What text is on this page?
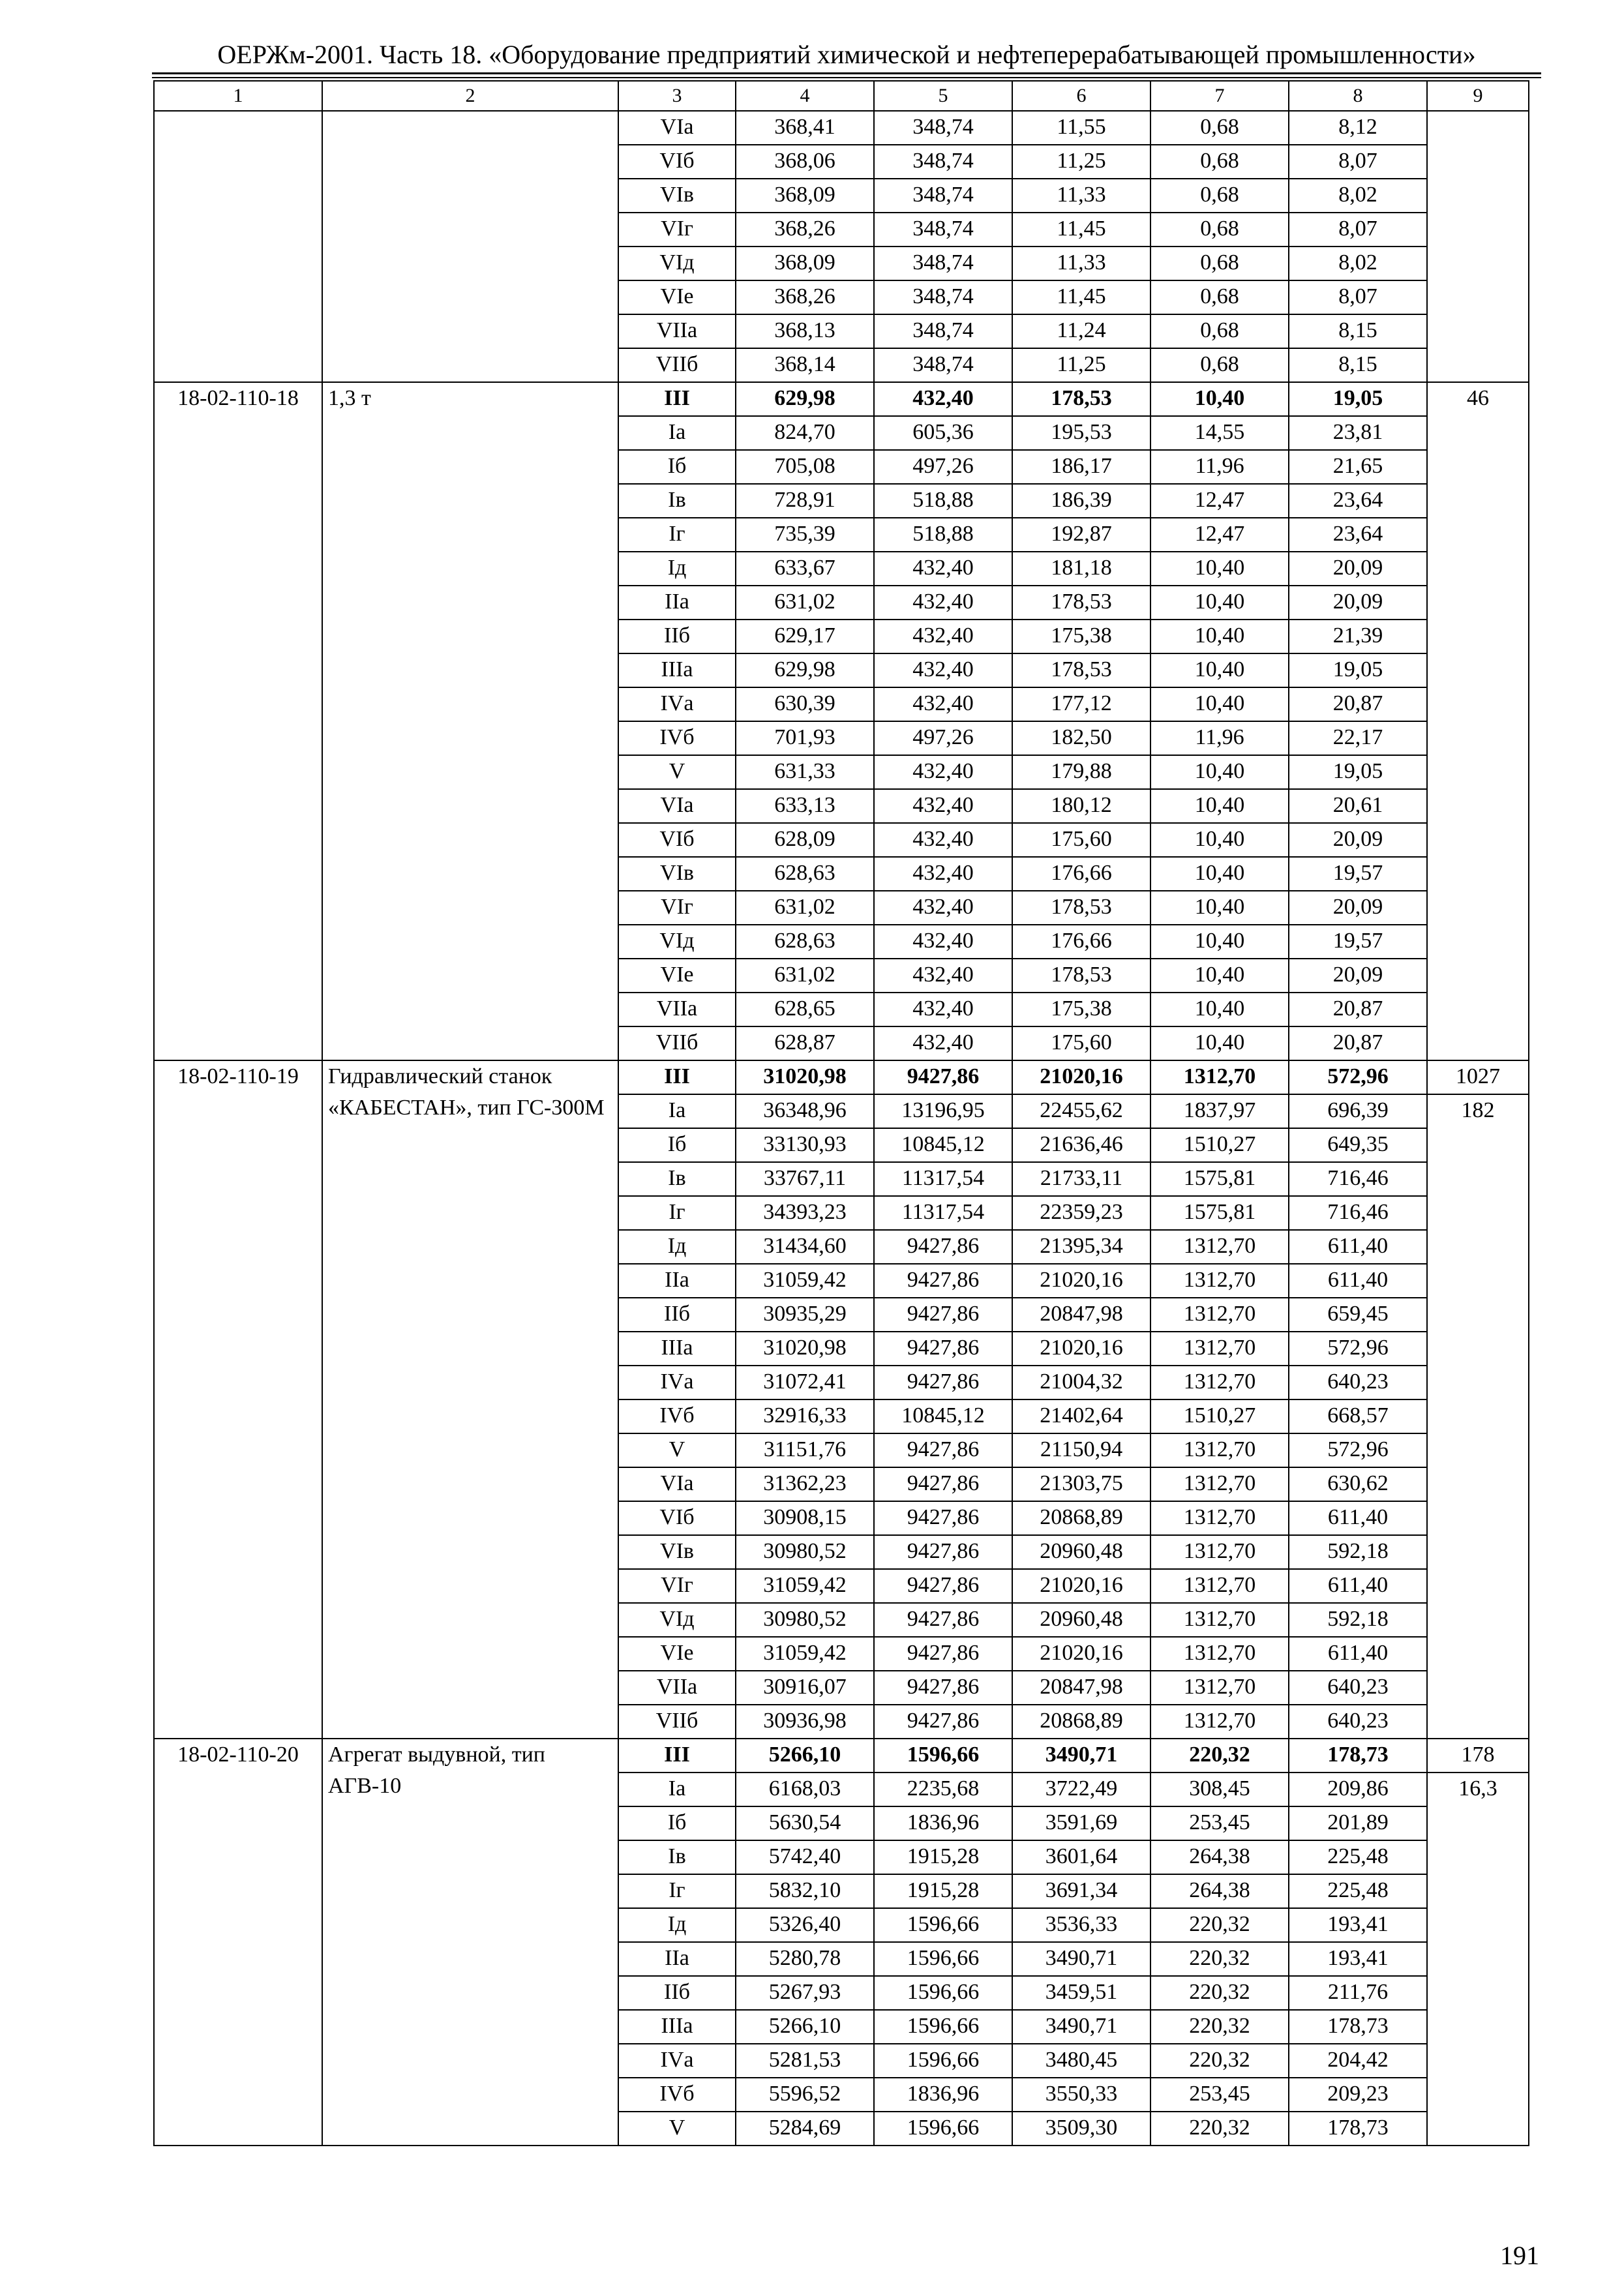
ОЕРЖм-2001. Часть 18. «Оборудование предприятий химической и нефтеперерабатывающей промышленности»
1	2	3	4	5	6	7	8	9
		VIа	368,41	348,74	11,55	0,68	8,12	
		VIб	368,06	348,74	11,25	0,68	8,07	
		VIв	368,09	348,74	11,33	0,68	8,02	
		VIг	368,26	348,74	11,45	0,68	8,07	
		VIд	368,09	348,74	11,33	0,68	8,02	
		VIе	368,26	348,74	11,45	0,68	8,07	
		VIIа	368,13	348,74	11,24	0,68	8,15	
		VIIб	368,14	348,74	11,25	0,68	8,15	
18-02-110-18	1,3 т	III	629,98	432,40	178,53	10,40	19,05	46
		Iа	824,70	605,36	195,53	14,55	23,81	
		Iб	705,08	497,26	186,17	11,96	21,65	
		Iв	728,91	518,88	186,39	12,47	23,64	
		Iг	735,39	518,88	192,87	12,47	23,64	
		Iд	633,67	432,40	181,18	10,40	20,09	
		IIа	631,02	432,40	178,53	10,40	20,09	
		IIб	629,17	432,40	175,38	10,40	21,39	
		IIIа	629,98	432,40	178,53	10,40	19,05	
		IVа	630,39	432,40	177,12	10,40	20,87	
		IVб	701,93	497,26	182,50	11,96	22,17	
		V	631,33	432,40	179,88	10,40	19,05	
		VIа	633,13	432,40	180,12	10,40	20,61	
		VIб	628,09	432,40	175,60	10,40	20,09	
		VIв	628,63	432,40	176,66	10,40	19,57	
		VIг	631,02	432,40	178,53	10,40	20,09	
		VIд	628,63	432,40	176,66	10,40	19,57	
		VIе	631,02	432,40	178,53	10,40	20,09	
		VIIа	628,65	432,40	175,38	10,40	20,87	
		VIIб	628,87	432,40	175,60	10,40	20,87	
18-02-110-19	Гидравлический станок «КАБЕСТАН», тип ГС-300М	III	31020,98	9427,86	21020,16	1312,70	572,96	1027
		Iа	36348,96	13196,95	22455,62	1837,97	696,39	182
		Iб	33130,93	10845,12	21636,46	1510,27	649,35	
		Iв	33767,11	11317,54	21733,11	1575,81	716,46	
		Iг	34393,23	11317,54	22359,23	1575,81	716,46	
		Iд	31434,60	9427,86	21395,34	1312,70	611,40	
		IIа	31059,42	9427,86	21020,16	1312,70	611,40	
		IIб	30935,29	9427,86	20847,98	1312,70	659,45	
		IIIа	31020,98	9427,86	21020,16	1312,70	572,96	
		IVа	31072,41	9427,86	21004,32	1312,70	640,23	
		IVб	32916,33	10845,12	21402,64	1510,27	668,57	
		V	31151,76	9427,86	21150,94	1312,70	572,96	
		VIа	31362,23	9427,86	21303,75	1312,70	630,62	
		VIб	30908,15	9427,86	20868,89	1312,70	611,40	
		VIв	30980,52	9427,86	20960,48	1312,70	592,18	
		VIг	31059,42	9427,86	21020,16	1312,70	611,40	
		VIд	30980,52	9427,86	20960,48	1312,70	592,18	
		VIе	31059,42	9427,86	21020,16	1312,70	611,40	
		VIIа	30916,07	9427,86	20847,98	1312,70	640,23	
		VIIб	30936,98	9427,86	20868,89	1312,70	640,23	
18-02-110-20	Агрегат выдувной, тип АГВ-10	III	5266,10	1596,66	3490,71	220,32	178,73	178
		Iа	6168,03	2235,68	3722,49	308,45	209,86	16,3
		Iб	5630,54	1836,96	3591,69	253,45	201,89	
		Iв	5742,40	1915,28	3601,64	264,38	225,48	
		Iг	5832,10	1915,28	3691,34	264,38	225,48	
		Iд	5326,40	1596,66	3536,33	220,32	193,41	
		IIа	5280,78	1596,66	3490,71	220,32	193,41	
		IIб	5267,93	1596,66	3459,51	220,32	211,76	
		IIIа	5266,10	1596,66	3490,71	220,32	178,73	
		IVа	5281,53	1596,66	3480,45	220,32	204,42	
		IVб	5596,52	1836,96	3550,33	253,45	209,23	
		V	5284,69	1596,66	3509,30	220,32	178,73	
191
